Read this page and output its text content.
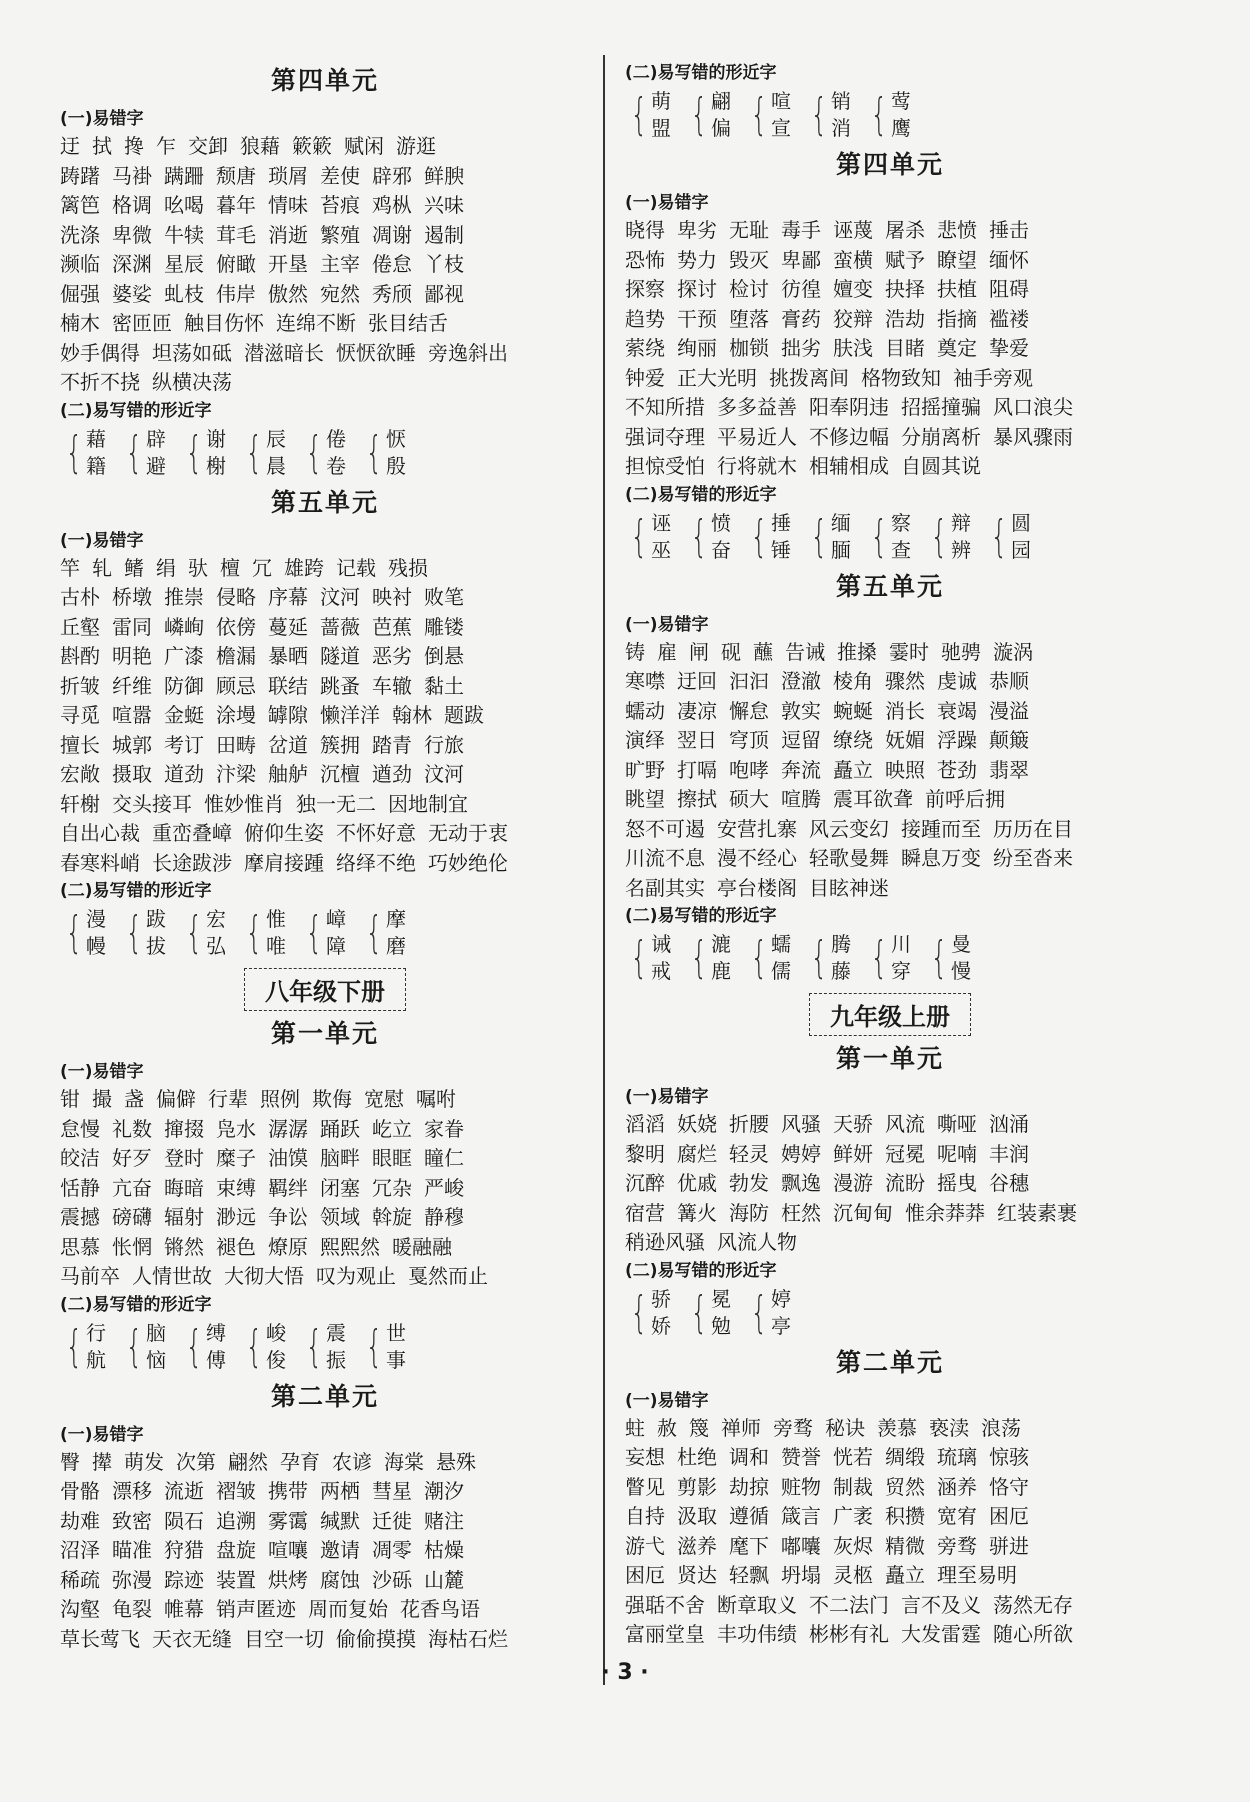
第四单元
(一)易错字
迂 拭 搀 乍 交卸 狼藉 簌簌 赋闲 游逛
踌躇 马褂 蹒跚 颓唐 琐屑 差使 辟邪 鲜腴
篱笆 格调 吆喝 暮年 情味 苔痕 鸡枞 兴味
洗涤 卑微 牛犊 茸毛 消逝 繁殖 凋谢 遏制
濒临 深渊 星辰 俯瞰 开垦 主宰 倦怠 丫枝
倔强 婆娑 虬枝 伟岸 傲然 宛然 秀颀 鄙视
楠木 密匝匝 触目伤怀 连绵不断 张目结舌
妙手偶得 坦荡如砥 潜滋暗长 恹恹欲睡 旁逸斜出
不折不挠 纵横决荡
(二)易写错的形近字
{ 藉
籍 { 辟
避 { 谢
榭 { 辰
晨 { 倦
卷 { 恹
殷
第五单元
(一)易错字
竿 轧 鳍 绢 驮 檀 冗 雄跨 记载 残损
古朴 桥墩 推崇 侵略 序幕 汶河 映衬 败笔
丘壑 雷同 嶙峋 依傍 蔓延 蔷薇 芭蕉 雕镂
斟酌 明艳 广漆 檐漏 暴晒 隧道 恶劣 倒悬
折皱 纤维 防御 顾忌 联结 跳蚤 车辙 黏土
寻觅 喧嚣 金蜓 涂墁 罅隙 懒洋洋 翰林 题跋
擅长 城郭 考订 田畴 岔道 簇拥 踏青 行旅
宏敞 摄取 道劲 汴梁 舳舻 沉檀 遒劲 汶河
轩榭 交头接耳 惟妙惟肖 独一无二 因地制宜
自出心裁 重峦叠嶂 俯仰生姿 不怀好意 无动于衷
春寒料峭 长途跋涉 摩肩接踵 络绎不绝 巧妙绝伦
(二)易写错的形近字
{ 漫
幔 { 跋
拔 { 宏
弘 { 惟
唯 { 嶂
障 { 摩
磨
八年级下册
第一单元
(一)易错字
钳 撮 盏 偏僻 行辈 照例 欺侮 宽慰 嘱咐
怠慢 礼数 撺掇 凫水 潺潺 踊跃 屹立 家眷
皎洁 好歹 登时 糜子 油馍 脑畔 眼眶 瞳仁
恬静 亢奋 晦暗 束缚 羁绊 闭塞 冗杂 严峻
震撼 磅礴 辐射 渺远 争讼 领域 斡旋 静穆
思慕 怅惘 锵然 褪色 燎原 熙熙然 暖融融
马前卒 人情世故 大彻大悟 叹为观止 戛然而止
(二)易写错的形近字
{ 行
航 { 脑
恼 { 缚
傅 { 峻
俊 { 震
振 { 世
事
第二单元
(一)易错字
臀 撵 萌发 次第 翩然 孕育 农谚 海棠 悬殊
骨骼 漂移 流逝 褶皱 携带 两栖 彗星 潮汐
劫难 致密 陨石 追溯 雾霭 缄默 迁徙 赌注
沼泽 瞄准 狩猎 盘旋 喧嚷 邀请 凋零 枯燥
稀疏 弥漫 踪迹 装置 烘烤 腐蚀 沙砾 山麓
沟壑 龟裂 帷幕 销声匿迹 周而复始 花香鸟语
草长莺飞 天衣无缝 目空一切 偷偷摸摸 海枯石烂
(二)易写错的形近字
{ 萌
盟 { 翩
偏 { 喧
宣 { 销
消 { 莺
鹰
第四单元
(一)易错字
晓得 卑劣 无耻 毒手 诬蔑 屠杀 悲愤 捶击
恐怖 势力 毁灭 卑鄙 蛮横 赋予 瞭望 缅怀
探察 探讨 检讨 彷徨 嬗变 抉择 扶植 阻碍
趋势 干预 堕落 膏药 狡辩 浩劫 指摘 褴褛
萦绕 绚丽 枷锁 拙劣 肤浅 目睹 奠定 挚爱
钟爱 正大光明 挑拨离间 格物致知 袖手旁观
不知所措 多多益善 阳奉阴违 招摇撞骗 风口浪尖
强词夺理 平易近人 不修边幅 分崩离析 暴风骤雨
担惊受怕 行将就木 相辅相成 自圆其说
(二)易写错的形近字
{ 诬
巫 { 愤
奋 { 捶
锤 { 缅
腼 { 察
查 { 辩
辨 { 圆
园
第五单元
(一)易错字
铸 雇 闸 砚 蘸 告诫 推搡 霎时 驰骋 漩涡
寒噤 迂回 汩汩 澄澈 棱角 骤然 虔诚 恭顺
蠕动 凄凉 懈怠 敦实 蜿蜒 消长 衰竭 漫溢
演绎 翌日 穹顶 逗留 缭绕 妩媚 浮躁 颠簸
旷野 打嗝 咆哮 奔流 矗立 映照 苍劲 翡翠
眺望 擦拭 硕大 喧腾 震耳欲聋 前呼后拥
怒不可遏 安营扎寨 风云变幻 接踵而至 历历在目
川流不息 漫不经心 轻歌曼舞 瞬息万变 纷至沓来
名副其实 亭台楼阁 目眩神迷
(二)易写错的形近字
{ 诫
戒 { 漉
鹿 { 蠕
儒 { 腾
藤 { 川
穿 { 曼
慢
九年级上册
第一单元
(一)易错字
滔滔 妖娆 折腰 风骚 天骄 风流 嘶哑 汹涌
黎明 腐烂 轻灵 娉婷 鲜妍 冠冕 呢喃 丰润
沉醉 优戚 勃发 飘逸 漫游 流盼 摇曳 谷穗
宿营 篝火 海防 枉然 沉甸甸 惟余莽莽 红装素裹
稍逊风骚 风流人物
(二)易写错的形近字
{ 骄
娇 { 冕
勉 { 婷
亭
第二单元
(一)易错字
蛀 赦 篾 禅师 旁骛 秘诀 羡慕 亵渎 浪荡
妄想 杜绝 调和 赞誉 恍若 绸缎 琉璃 惊骇
瞥见 剪影 劫掠 赃物 制裁 贸然 涵养 恪守
自持 汲取 遵循 箴言 广袤 积攒 宽宥 困厄
游弋 滋养 麾下 嘟囔 灰烬 精微 旁骛 骈进
困厄 贤达 轻飘 坍塌 灵柩 矗立 理至易明
强聒不舍 断章取义 不二法门 言不及义 荡然无存
富丽堂皇 丰功伟绩 彬彬有礼 大发雷霆 随心所欲
· 3 ·
